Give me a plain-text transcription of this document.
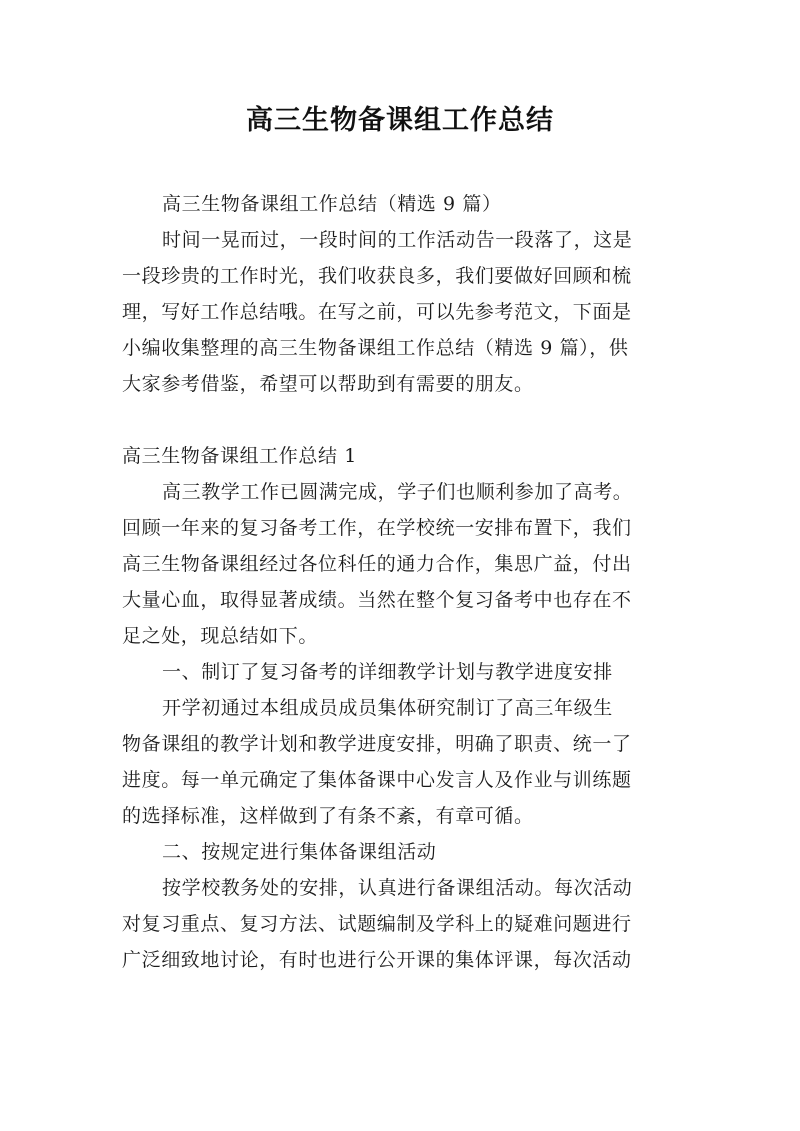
高三生物备课组工作总结
高三生物备课组工作总结（精选 9 篇）
时间一晃而过，一段时间的工作活动告一段落了，这是
一段珍贵的工作时光，我们收获良多，我们要做好回顾和梳
理，写好工作总结哦。在写之前，可以先参考范文，下面是
小编收集整理的高三生物备课组工作总结（精选 9 篇），供
大家参考借鉴，希望可以帮助到有需要的朋友。
高三生物备课组工作总结 1
高三教学工作已圆满完成，学子们也顺利参加了高考。
回顾一年来的复习备考工作，在学校统一安排布置下，我们
高三生物备课组经过各位科任的通力合作，集思广益，付出
大量心血，取得显著成绩。当然在整个复习备考中也存在不
足之处，现总结如下。
一、制订了复习备考的详细教学计划与教学进度安排
开学初通过本组成员成员集体研究制订了高三年级生
物备课组的教学计划和教学进度安排，明确了职责、统一了
进度。每一单元确定了集体备课中心发言人及作业与训练题
的选择标准，这样做到了有条不紊，有章可循。
二、按规定进行集体备课组活动
按学校教务处的安排，认真进行备课组活动。每次活动
对复习重点、复习方法、试题编制及学科上的疑难问题进行
广泛细致地讨论，有时也进行公开课的集体评课，每次活动
